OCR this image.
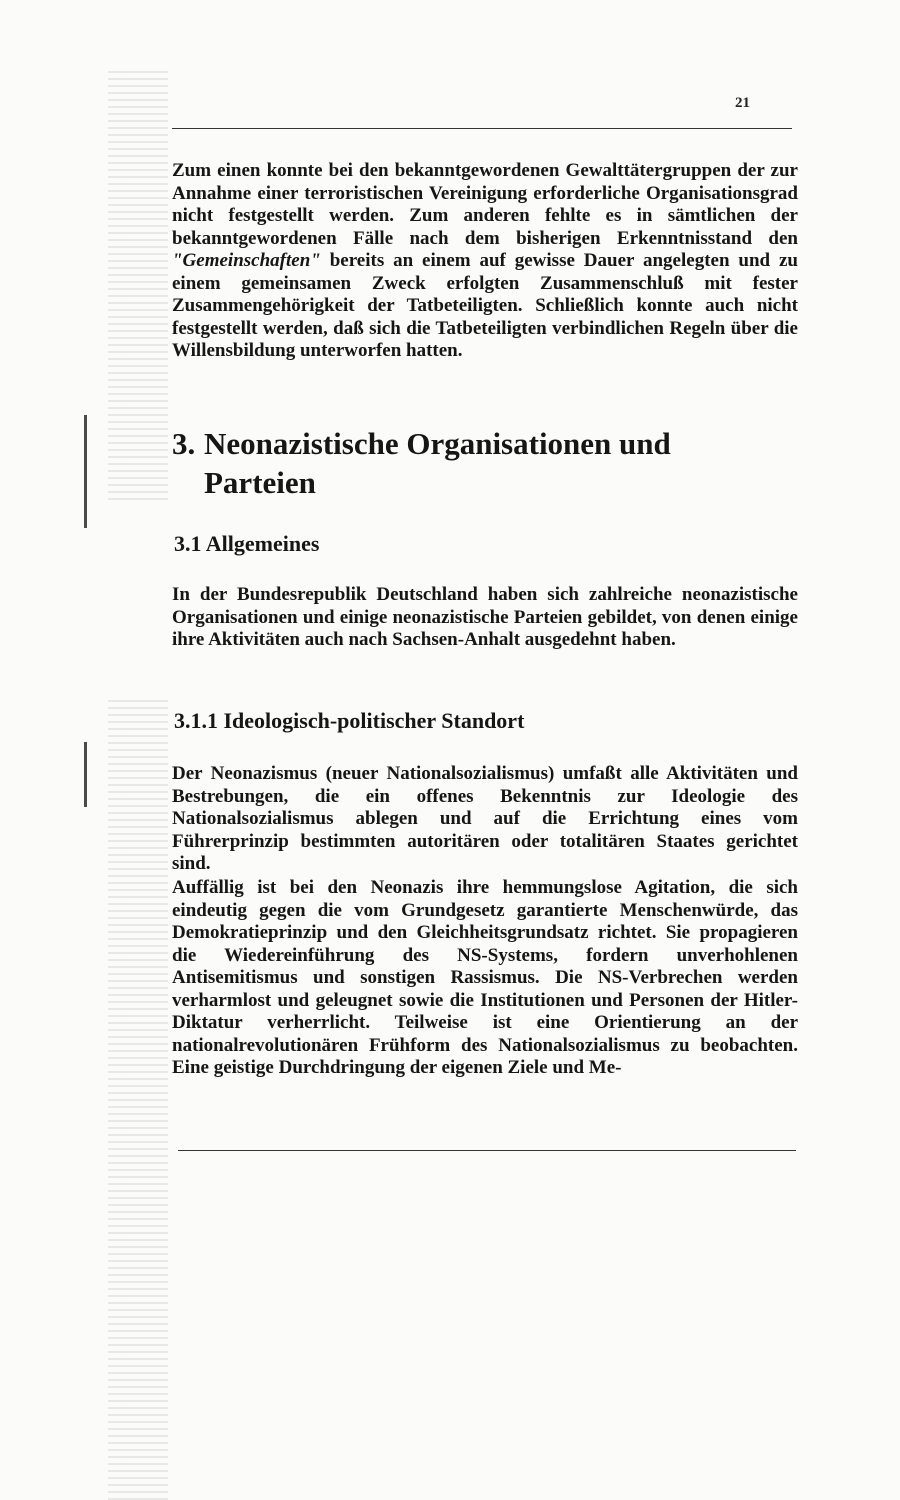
21

Zum einen konnte bei den bekanntgewordenen Gewalttätergruppen der zur Annahme einer terroristischen Vereinigung erforderliche Organisationsgrad nicht festgestellt werden. Zum anderen fehlte es in sämtlichen der bekanntgewordenen Fälle nach dem bisherigen Erkenntnisstand den "Gemeinschaften" bereits an einem auf gewisse Dauer angelegten und zu einem gemeinsamen Zweck erfolgten Zusammenschluß mit fester Zusammengehörigkeit der Tatbeteiligten. Schließlich konnte auch nicht festgestellt werden, daß sich die Tatbeteiligten verbindlichen Regeln über die Willensbildung unterworfen hatten.

3. Neonazistische Organisationen und
Parteien
3.1 Allgemeines

In der Bundesrepublik Deutschland haben sich zahlreiche neonazistische Organisationen und einige neonazistische Parteien gebildet, von denen einige ihre Aktivitäten auch nach Sachsen-Anhalt ausgedehnt haben.

3.1.1 Ideologisch-politischer Standort

Der Neonazismus (neuer Nationalsozialismus) umfaßt alle Aktivitäten und Bestrebungen, die ein offenes Bekenntnis zur Ideologie des Nationalsozialismus ablegen und auf die Errichtung eines vom Führerprinzip bestimmten autoritären oder totalitären Staates gerichtet sind.

Auffällig ist bei den Neonazis ihre hemmungslose Agitation, die sich eindeutig gegen die vom Grundgesetz garantierte Menschenwürde, das Demokratieprinzip und den Gleichheitsgrundsatz richtet. Sie propagieren die Wiedereinführung des NS-Systems, fordern unverhohlenen Antisemitismus und sonstigen Rassismus. Die NS-Verbrechen werden verharmlost und geleugnet sowie die Institutionen und Personen der Hitler-Diktatur verherrlicht. Teilweise ist eine Orientierung an der nationalrevolutionären Frühform des Nationalsozialismus zu beobachten. Eine geistige Durchdringung der eigenen Ziele und Me-
